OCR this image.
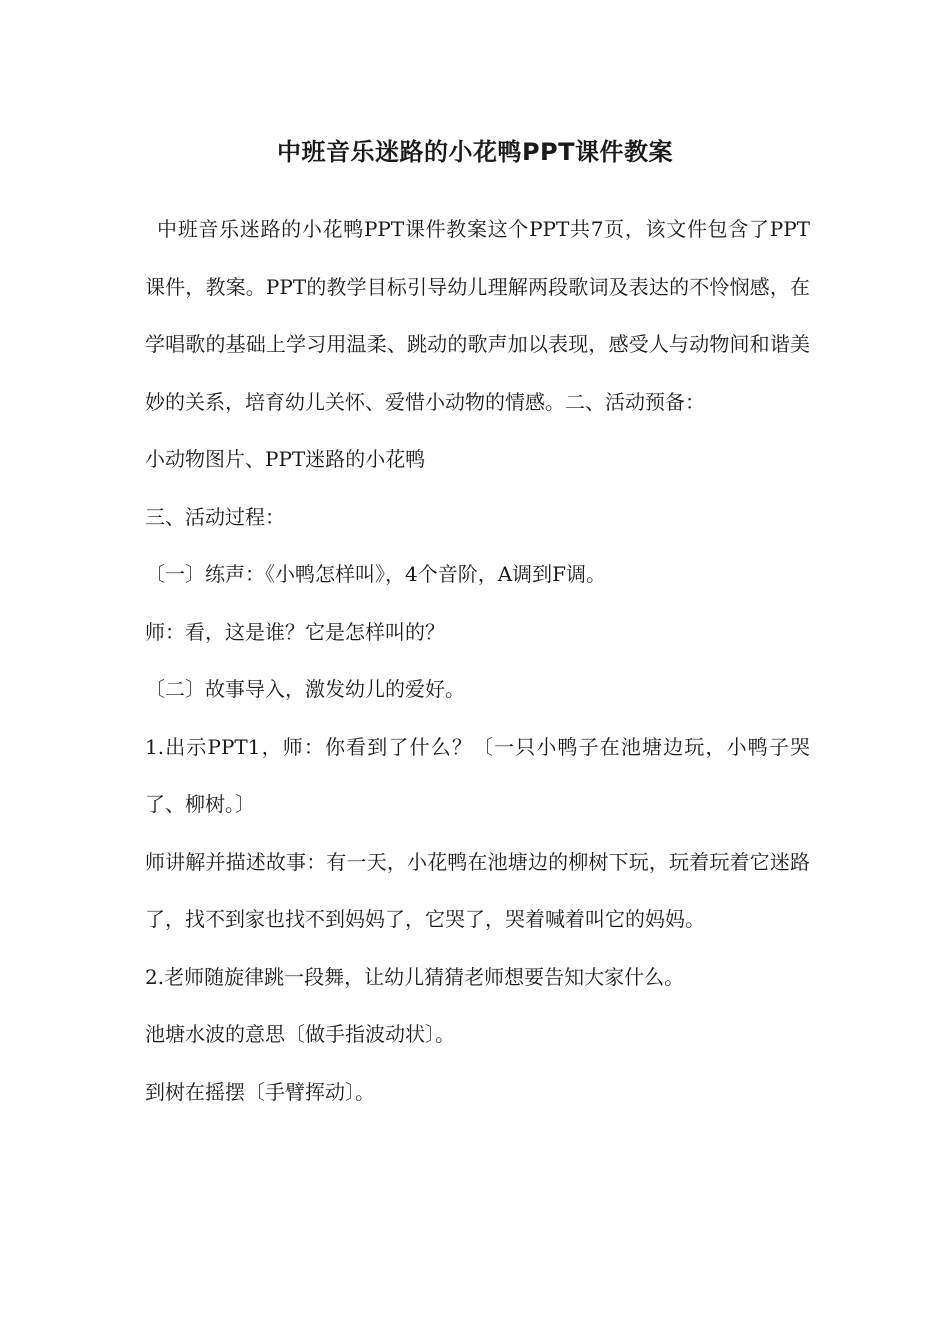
中班音乐迷路的小花鸭PPT课件教案

中班音乐迷路的小花鸭PPT课件教案这个PPT共7页，该文件包含了PPT课件，教案。PPT的教学目标引导幼儿理解两段歌词及表达的不怜悯感，在学唱歌的基础上学习用温柔、跳动的歌声加以表现，感受人与动物间和谐美妙的关系，培育幼儿关怀、爱惜小动物的情感。二、活动预备：

小动物图片、PPT迷路的小花鸭

三、活动过程：

〔一〕练声：《小鸭怎样叫》，4个音阶，A调到F调。

师：看，这是谁？它是怎样叫的？

〔二〕故事导入，激发幼儿的爱好。

1.出示PPT1，师：你看到了什么？〔一只小鸭子在池塘边玩，小鸭子哭了、柳树。〕

师讲解并描述故事：有一天，小花鸭在池塘边的柳树下玩，玩着玩着它迷路了，找不到家也找不到妈妈了，它哭了，哭着喊着叫它的妈妈。

2.老师随旋律跳一段舞，让幼儿猜猜老师想要告知大家什么。

池塘水波的意思〔做手指波动状〕。

到树在摇摆〔手臂挥动〕。
